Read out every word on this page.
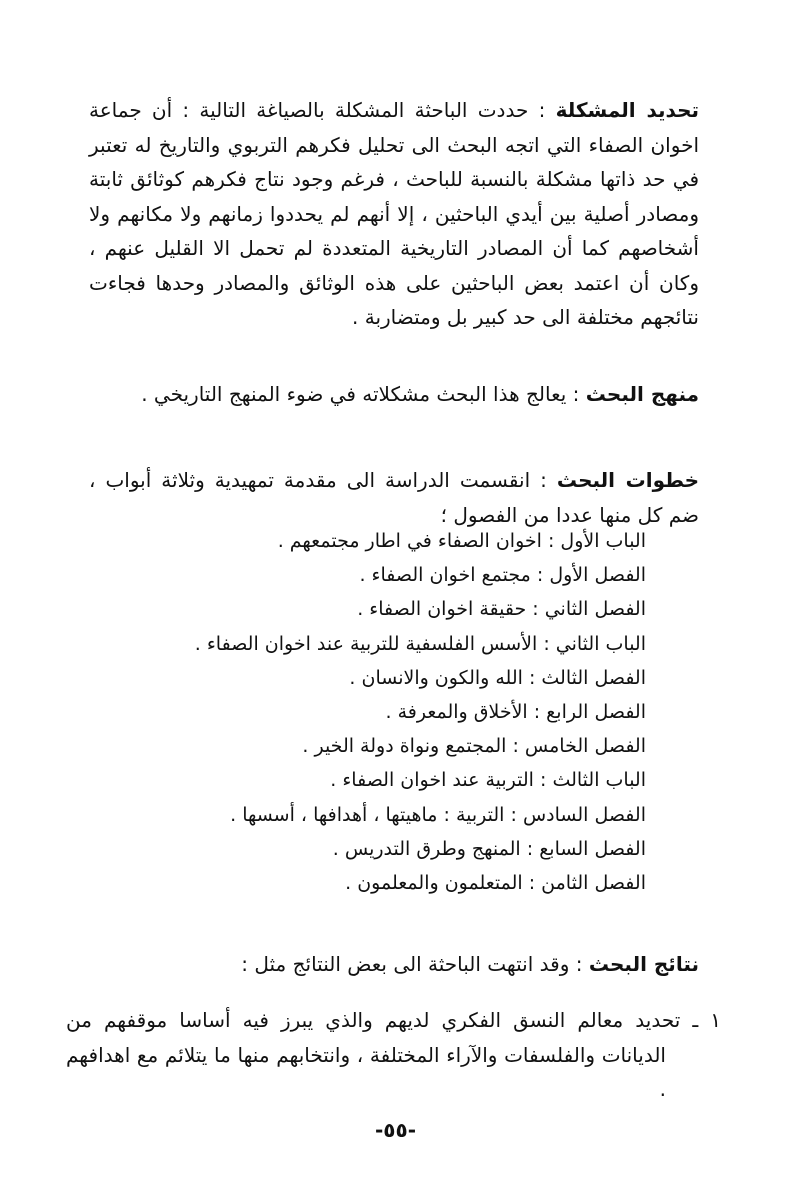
تحديد المشكلة : حددت الباحثة المشكلة بالصياغة التالية : أن جماعة اخوان الصفاء التي اتجه البحث الى تحليل فكرهم التربوي والتاريخ له تعتبر في حد ذاتها مشكلة بالنسبة للباحث ، فرغم وجود نتاج فكرهم كوثائق ثابتة ومصادر أصلية بين أيدي الباحثين ، إلا أنهم لم يحددوا زمانهم ولا مكانهم ولا أشخاصهم كما أن المصادر التاريخية المتعددة لم تحمل الا القليل عنهم ، وكان أن اعتمد بعض الباحثين على هذه الوثائق والمصادر وحدها فجاءت نتائجهم مختلفة الى حد كبير بل ومتضاربة .

منهج البحث : يعالج هذا البحث مشكلاته في ضوء المنهج التاريخي .

خطوات البحث : انقسمت الدراسة الى مقدمة تمهيدية وثلاثة أبواب ، ضم كل منها عددا من الفصول ؛

الباب الأول : اخوان الصفاء في اطار مجتمعهم .
الفصل الأول : مجتمع اخوان الصفاء .
الفصل الثاني : حقيقة اخوان الصفاء .
الباب الثاني : الأسس الفلسفية للتربية عند اخوان الصفاء .
الفصل الثالث : الله والكون والانسان .
الفصل الرابع : الأخلاق والمعرفة .
الفصل الخامس : المجتمع ونواة دولة الخير .
الباب الثالث : التربية عند اخوان الصفاء .
الفصل السادس : التربية : ماهيتها ، أهدافها ، أسسها .
الفصل السابع : المنهج وطرق التدريس .
الفصل الثامن : المتعلمون والمعلمون .

نتائج البحث : وقد انتهت الباحثة الى بعض النتائج مثل :

١ ـ تحديد معالم النسق الفكري لديهم والذي يبرز فيه أساسا موقفهم من الديانات والفلسفات والآراء المختلفة ، وانتخابهم منها ما يتلائم مع اهدافهم .

-٥٥-
